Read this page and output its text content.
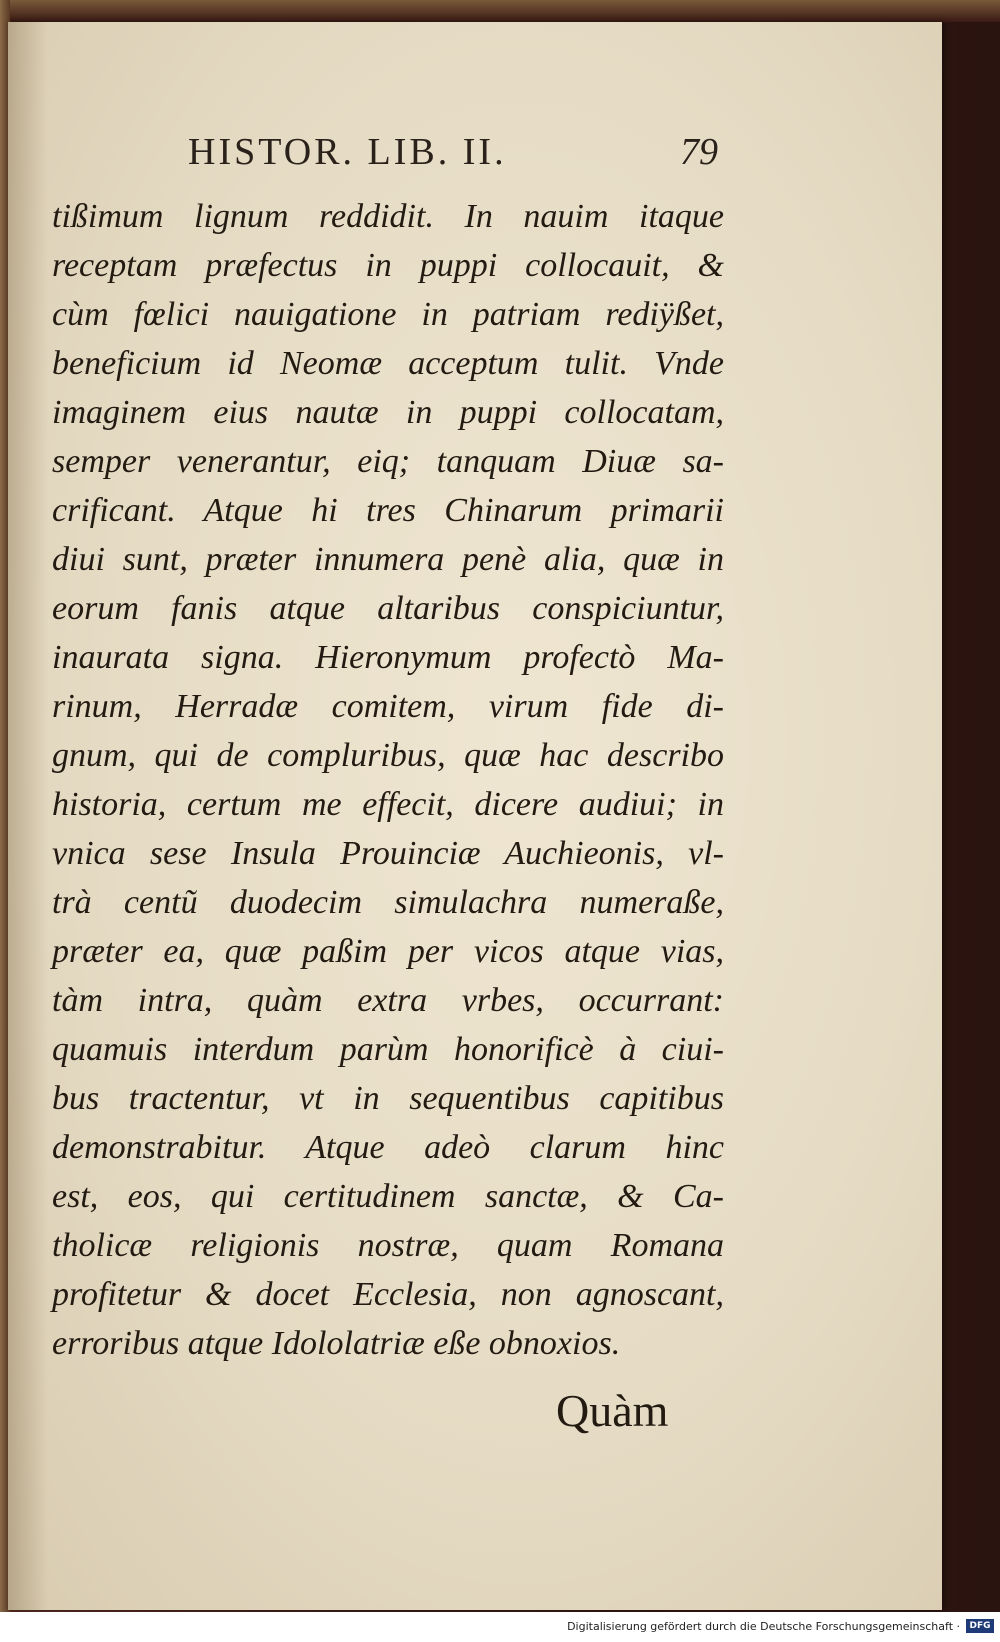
HISTOR. LIB. II.	79
tißimum lignum reddidit. In nauim itaque
receptam præfectus in puppi collocauit, &
cùm fœlici nauigatione in patriam rediÿßet,
beneficium id Neomæ acceptum tulit. Vnde
imaginem eius nautæ in puppi collocatam,
semper venerantur, eiq; tanquam Diuæ sa-
crificant. Atque hi tres Chinarum primarii
diui sunt, præter innumera penè alia, quæ in
eorum fanis atque altaribus conspiciuntur,
inaurata signa. Hieronymum profectò Ma-
rinum, Herradæ comitem, virum fide di-
gnum, qui de compluribus, quæ hac describo
historia, certum me effecit, dicere audiui; in
vnica sese Insula Prouinciæ Auchieonis, vl-
trà centũ duodecim simulachra numeraße,
præter ea, quæ paßim per vicos atque vias,
tàm intra, quàm extra vrbes, occurrant:
quamuis interdum parùm honorificè à ciui-
bus tractentur, vt in sequentibus capitibus
demonstrabitur. Atque adeò clarum hinc
est, eos, qui certitudinem sanctæ, & Ca-
tholicæ religionis nostræ, quam Romana
profitetur & docet Ecclesia, non agnoscant,
erroribus atque Idololatriæ eße obnoxios.
Quàm
Digitalisierung gefördert durch die Deutsche Forschungsgemeinschaft ·	DFG
